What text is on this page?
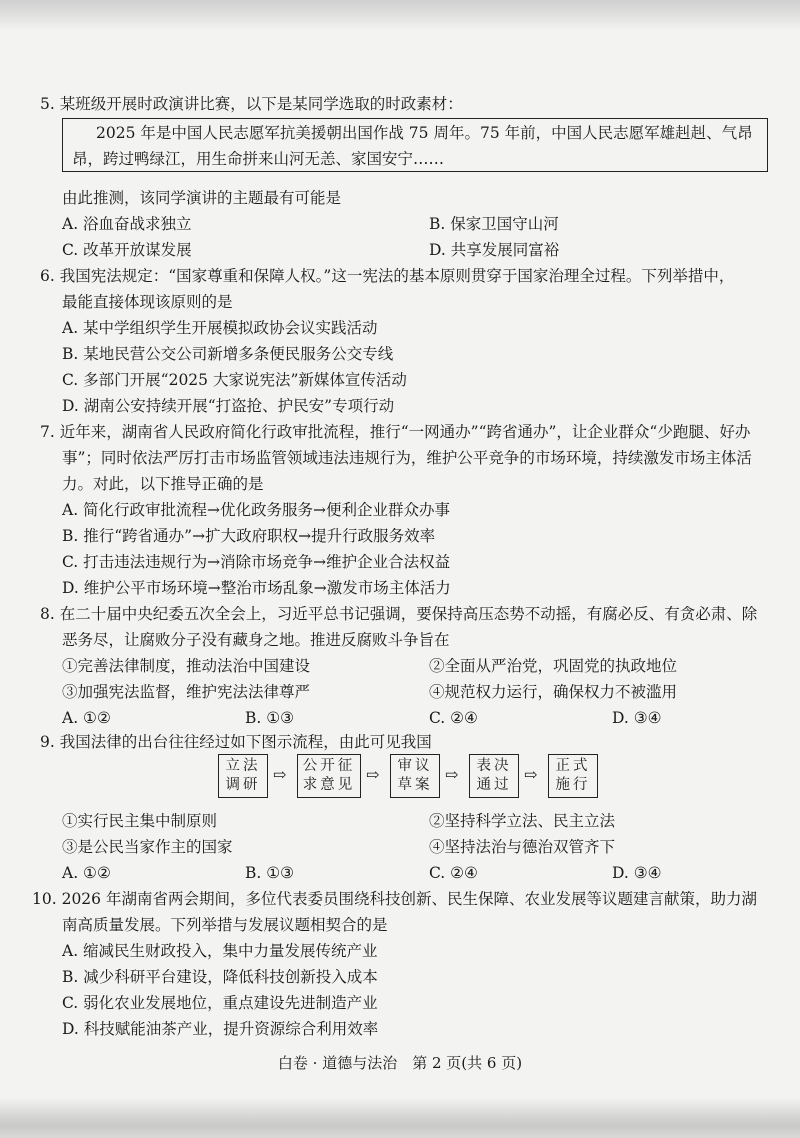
5. 某班级开展时政演讲比赛，以下是某同学选取的时政素材：
2025 年是中国人民志愿军抗美援朝出国作战 75 周年。75 年前，中国人民志愿军雄赳赳、气昂
昂，跨过鸭绿江，用生命拼来山河无恙、家国安宁……
由此推测，该同学演讲的主题最有可能是
A. 浴血奋战求独立	B. 保家卫国守山河
C. 改革开放谋发展	D. 共享发展同富裕
6. 我国宪法规定：“国家尊重和保障人权。”这一宪法的基本原则贯穿于国家治理全过程。下列举措中，
最能直接体现该原则的是
A. 某中学组织学生开展模拟政协会议实践活动
B. 某地民营公交公司新增多条便民服务公交专线
C. 多部门开展“2025 大家说宪法”新媒体宣传活动
D. 湖南公安持续开展“打盗抢、护民安”专项行动
7. 近年来，湖南省人民政府简化行政审批流程，推行“一网通办”“跨省通办”，让企业群众“少跑腿、好办
事”；同时依法严厉打击市场监管领域违法违规行为，维护公平竞争的市场环境，持续激发市场主体活
力。对此，以下推导正确的是
A. 简化行政审批流程→优化政务服务→便利企业群众办事
B. 推行“跨省通办”→扩大政府职权→提升行政服务效率
C. 打击违法违规行为→消除市场竞争→维护企业合法权益
D. 维护公平市场环境→整治市场乱象→激发市场主体活力
8. 在二十届中央纪委五次全会上，习近平总书记强调，要保持高压态势不动摇，有腐必反、有贪必肃、除
恶务尽，让腐败分子没有藏身之地。推进反腐败斗争旨在
①完善法律制度，推动法治中国建设	②全面从严治党，巩固党的执政地位
③加强宪法监督，维护宪法法律尊严	④规范权力运行，确保权力不被滥用
A. ①②	B. ①③	C. ②④	D. ③④
9. 我国法律的出台往往经过如下图示流程，由此可见我国
立法
调研
⇨	公开征
求意见
⇨	审议
草案
⇨	表决
通过
⇨	正式
施行
①实行民主集中制原则	②坚持科学立法、民主立法
③是公民当家作主的国家	④坚持法治与德治双管齐下
A. ①②	B. ①③	C. ②④	D. ③④
10. 2026 年湖南省两会期间，多位代表委员围绕科技创新、民生保障、农业发展等议题建言献策，助力湖
南高质量发展。下列举措与发展议题相契合的是
A. 缩减民生财政投入，集中力量发展传统产业
B. 减少科研平台建设，降低科技创新投入成本
C. 弱化农业发展地位，重点建设先进制造产业
D. 科技赋能油茶产业，提升资源综合利用效率
白卷 · 道德与法治　第 2 页(共 6 页)
